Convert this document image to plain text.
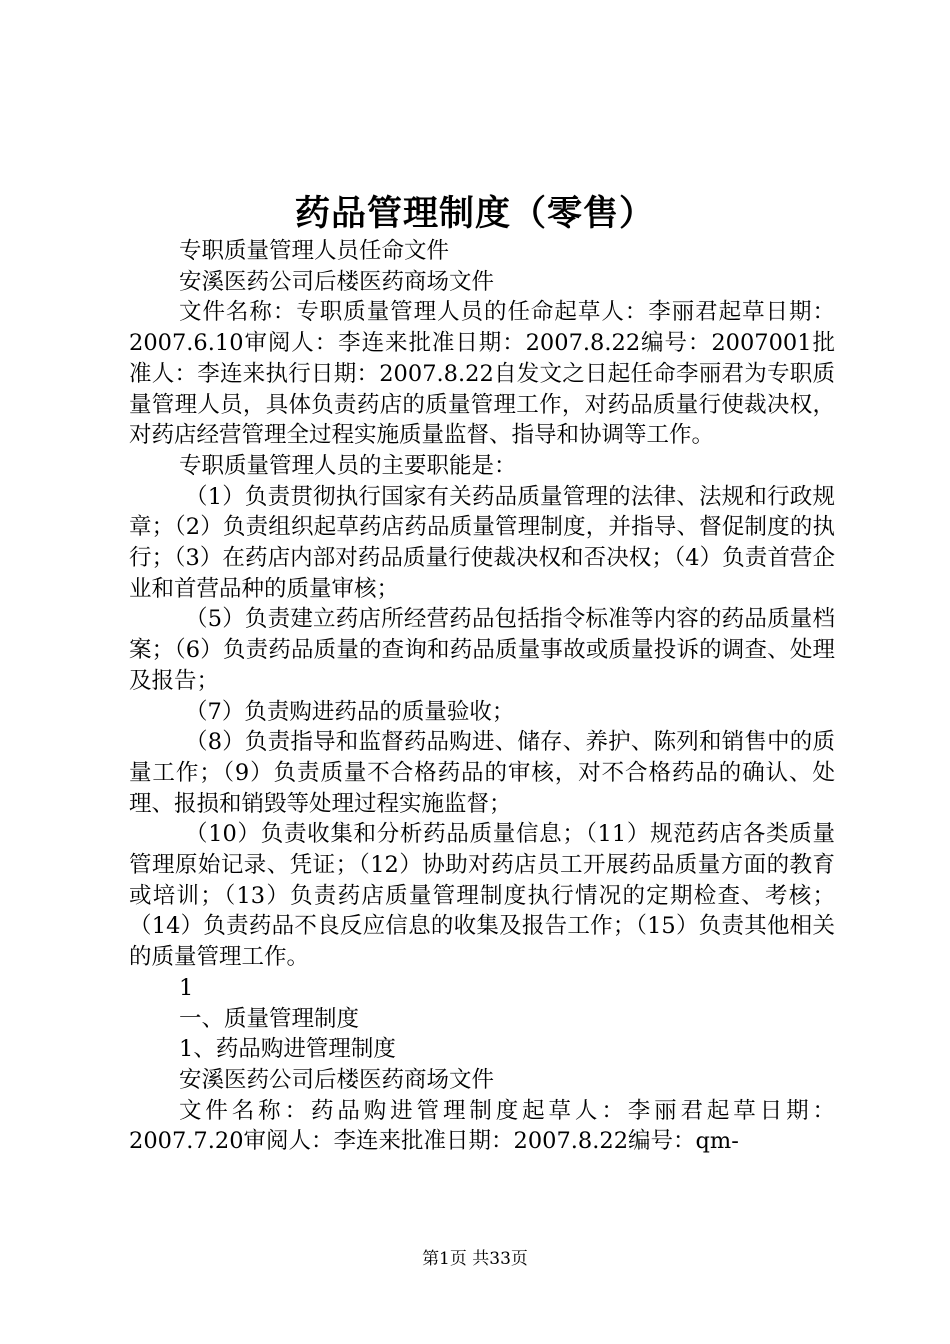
药品管理制度（零售）

专职质量管理人员任命文件

安溪医药公司后楼医药商场文件

文件名称：专职质量管理人员的任命起草人：李丽君起草日期：2007.6.10审阅人：李连来批准日期：2007.8.22编号：2007001批准人：李连来执行日期：2007.8.22自发文之日起任命李丽君为专职质量管理人员，具体负责药店的质量管理工作，对药品质量行使裁决权，对药店经营管理全过程实施质量监督、指导和协调等工作。

专职质量管理人员的主要职能是：

（1）负责贯彻执行国家有关药品质量管理的法律、法规和行政规章；（2）负责组织起草药店药品质量管理制度，并指导、督促制度的执行；（3）在药店内部对药品质量行使裁决权和否决权；（4）负责首营企业和首营品种的质量审核；

（5）负责建立药店所经营药品包括指令标准等内容的药品质量档案；（6）负责药品质量的查询和药品质量事故或质量投诉的调查、处理及报告；

（7）负责购进药品的质量验收；

（8）负责指导和监督药品购进、储存、养护、陈列和销售中的质量工作；（9）负责质量不合格药品的审核，对不合格药品的确认、处理、报损和销毁等处理过程实施监督；

（10）负责收集和分析药品质量信息；（11）规范药店各类质量管理原始记录、凭证；（12）协助对药店员工开展药品质量方面的教育或培训；（13）负责药店质量管理制度执行情况的定期检查、考核；（14）负责药品不良反应信息的收集及报告工作；（15）负责其他相关的质量管理工作。

1

一、质量管理制度

1、药品购进管理制度

安溪医药公司后楼医药商场文件

文件名称：药品购进管理制度起草人：李丽君起草日期：2007.7.20审阅人：李连来批准日期：2007.8.22编号：qm-

第1页 共33页
